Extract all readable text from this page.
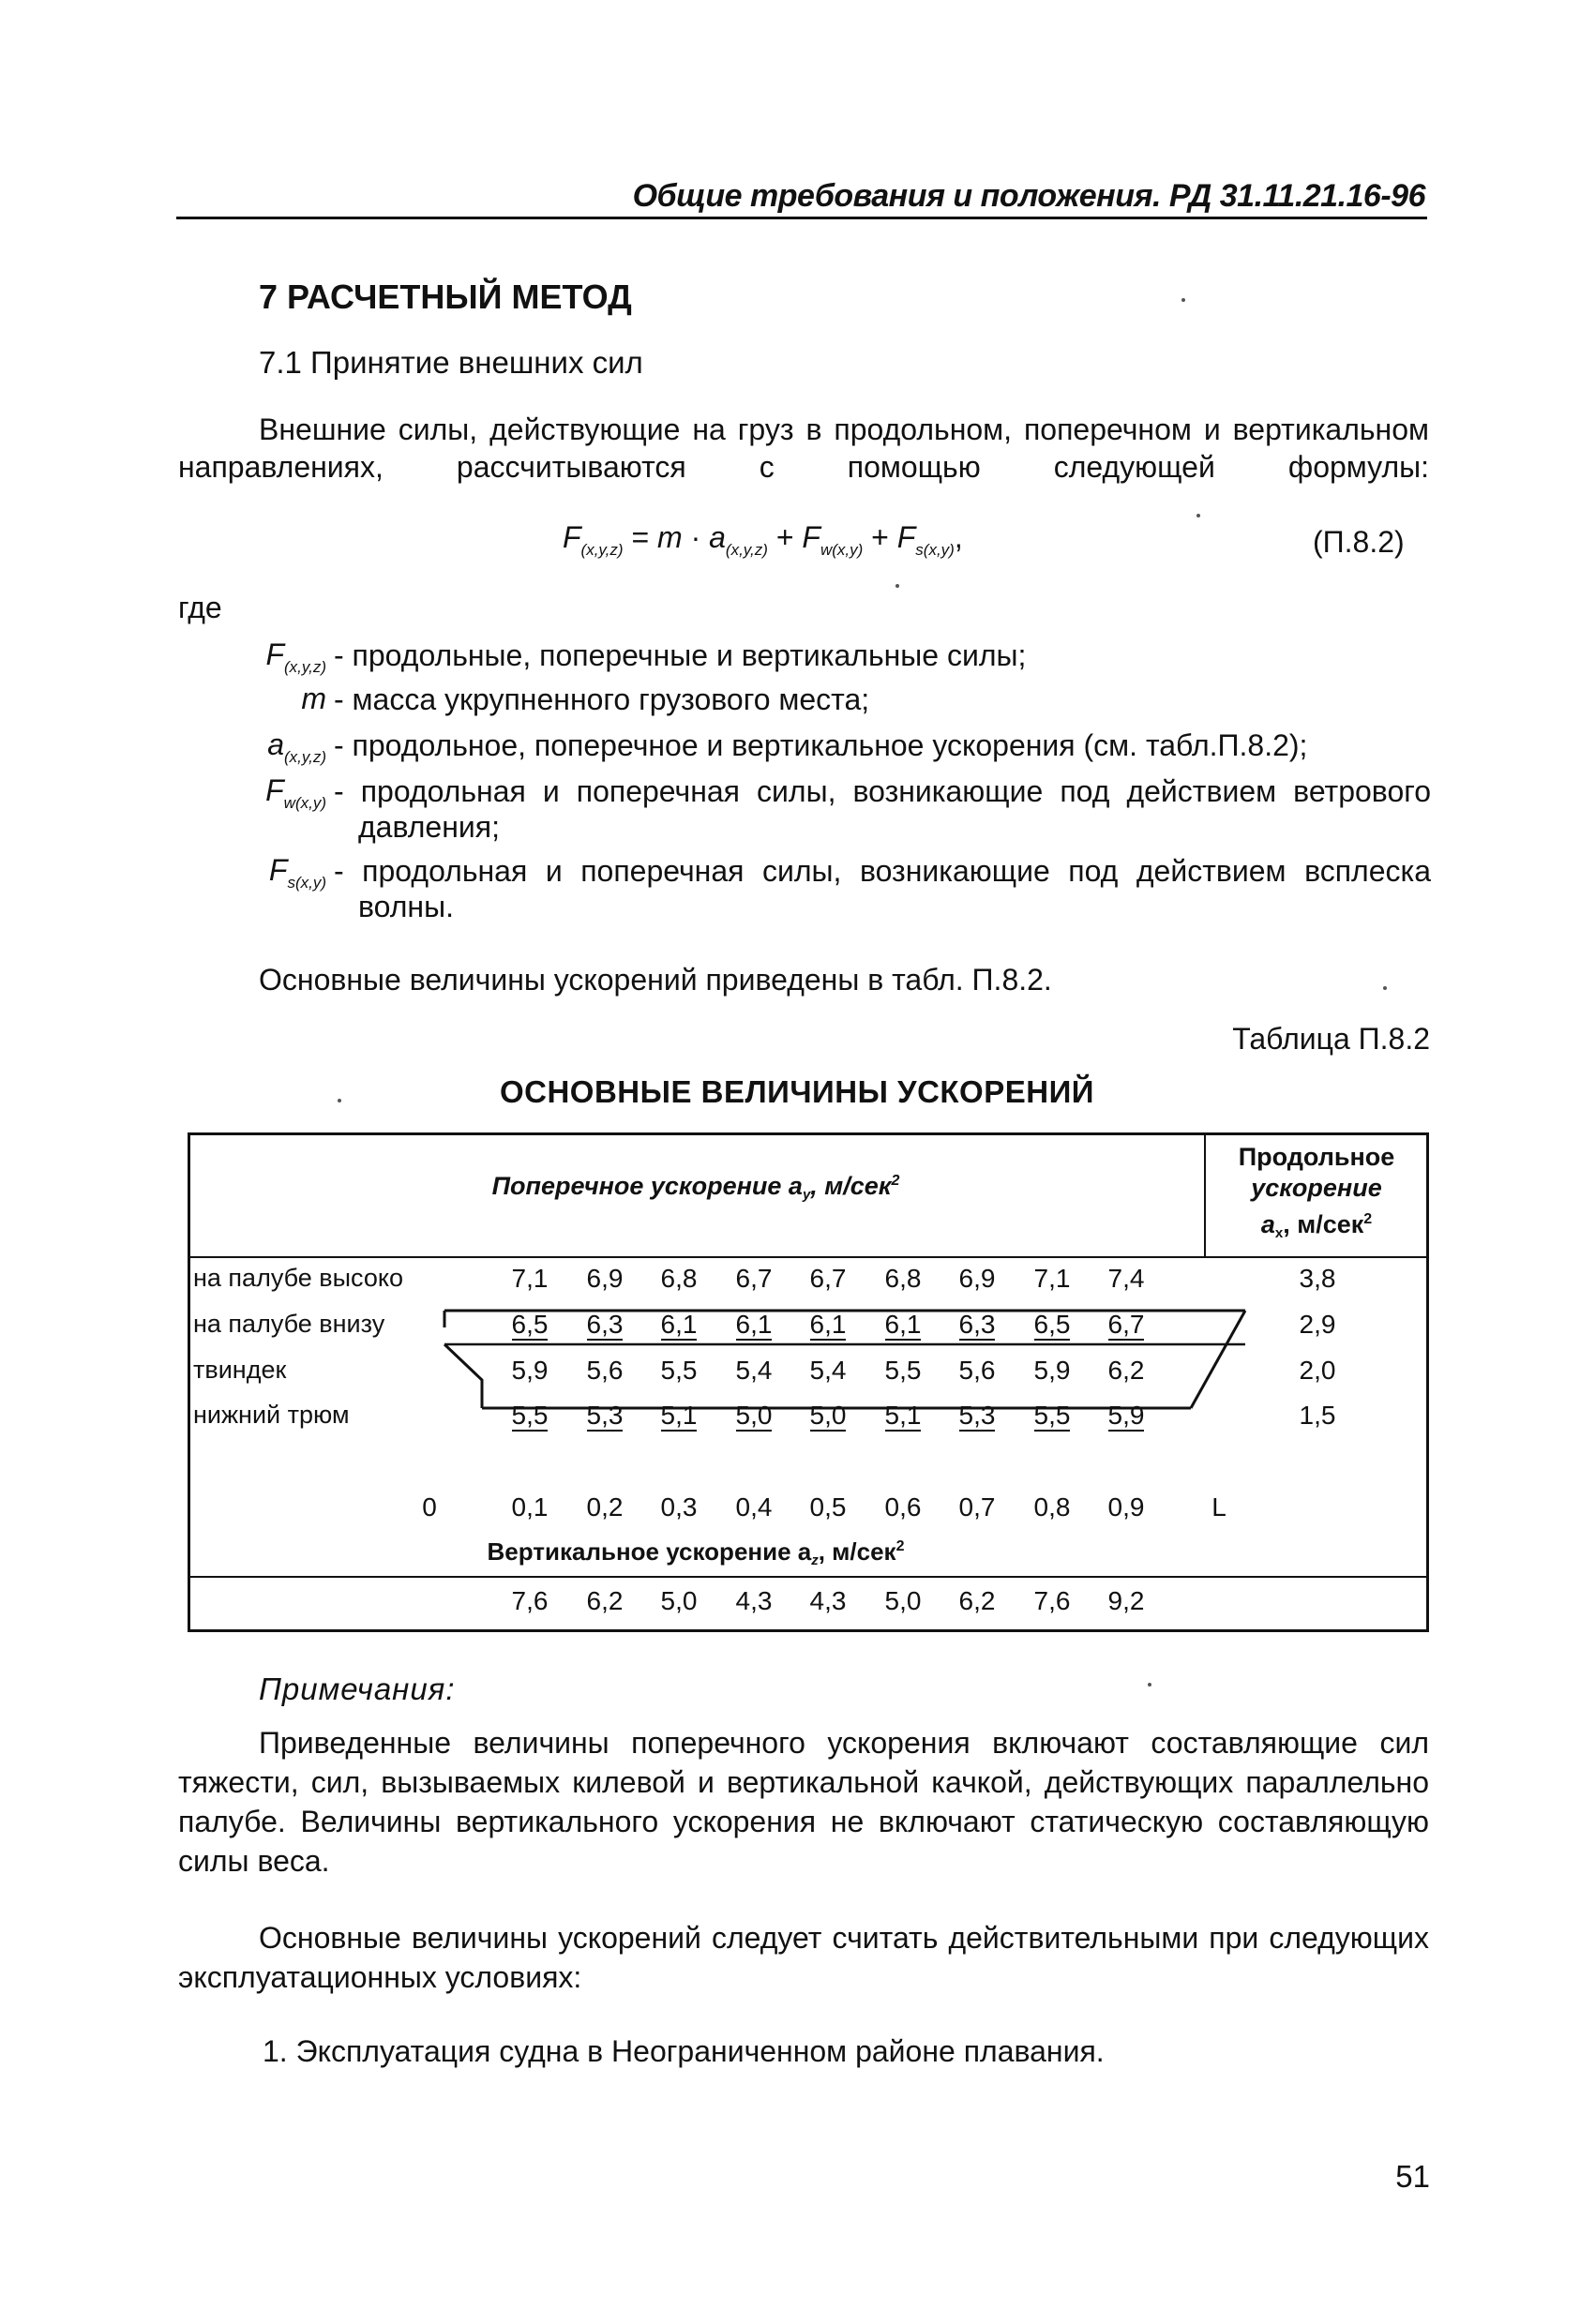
Общие требования и положения. РД 31.11.21.16-96
7 РАСЧЕТНЫЙ МЕТОД
7.1 Принятие внешних сил
Внешние силы, действующие на груз в продольном, поперечном и вертикальном направлениях, рассчитываются с помощью следующей формулы:
$F_{(x,y,z)} = m \cdot a_{(x,y,z)} + F_{w(x,y)} + F_{s(x,y)}$,	(П.8.2)
где
$F_{(x,y,z)}$ - продольные, поперечные и вертикальные силы;
m - масса укрупненного грузового места;
$a_{(x,y,z)}$ - продольное, поперечное и вертикальное ускорения (см. табл.П.8.2);
$F_{w(x,y)}$ - продольная и поперечная силы, возникающие под действием ветрового давления;
$F_{s(x,y)}$ - продольная и поперечная силы, возникающие под действием всплеска волны.
Основные величины ускорений приведены в табл. П.8.2.
Таблица П.8.2
ОСНОВНЫЕ ВЕЛИЧИНЫ УСКОРЕНИЙ
Поперечное ускорение $a_y$, м/сек$^2$
Продольное
ускорение
$a_x$, м/сек$^2$
на палубе высоко	7,1	6,9	6,8	6,7	6,7	6,8	6,9	7,1	7,4	3,8
на палубе внизу	6,5	6,3	6,1	6,1	6,1	6,1	6,3	6,5	6,7	2,9
твиндек	5,9	5,6	5,5	5,4	5,4	5,5	5,6	5,9	6,2	2,0
нижний трюм	5,5	5,3	5,1	5,0	5,0	5,1	5,3	5,5	5,9	1,5
0	0,1	0,2	0,3	0,4	0,5	0,6	0,7	0,8	0,9	L
Вертикальное ускорение $a_z$, м/сек$^2$
7,6	6,2	5,0	4,3	4,3	5,0	6,2	7,6	9,2
Примечания:
Приведенные величины поперечного ускорения включают составляющие сил тяжести, сил, вызываемых килевой и вертикальной качкой, действующих параллельно палубе. Величины вертикального ускорения не включают статическую составляющую силы веса.
Основные величины ускорений следует считать действительными при следующих эксплуатационных условиях:
1. Эксплуатация судна в Неограниченном районе плавания.
51
